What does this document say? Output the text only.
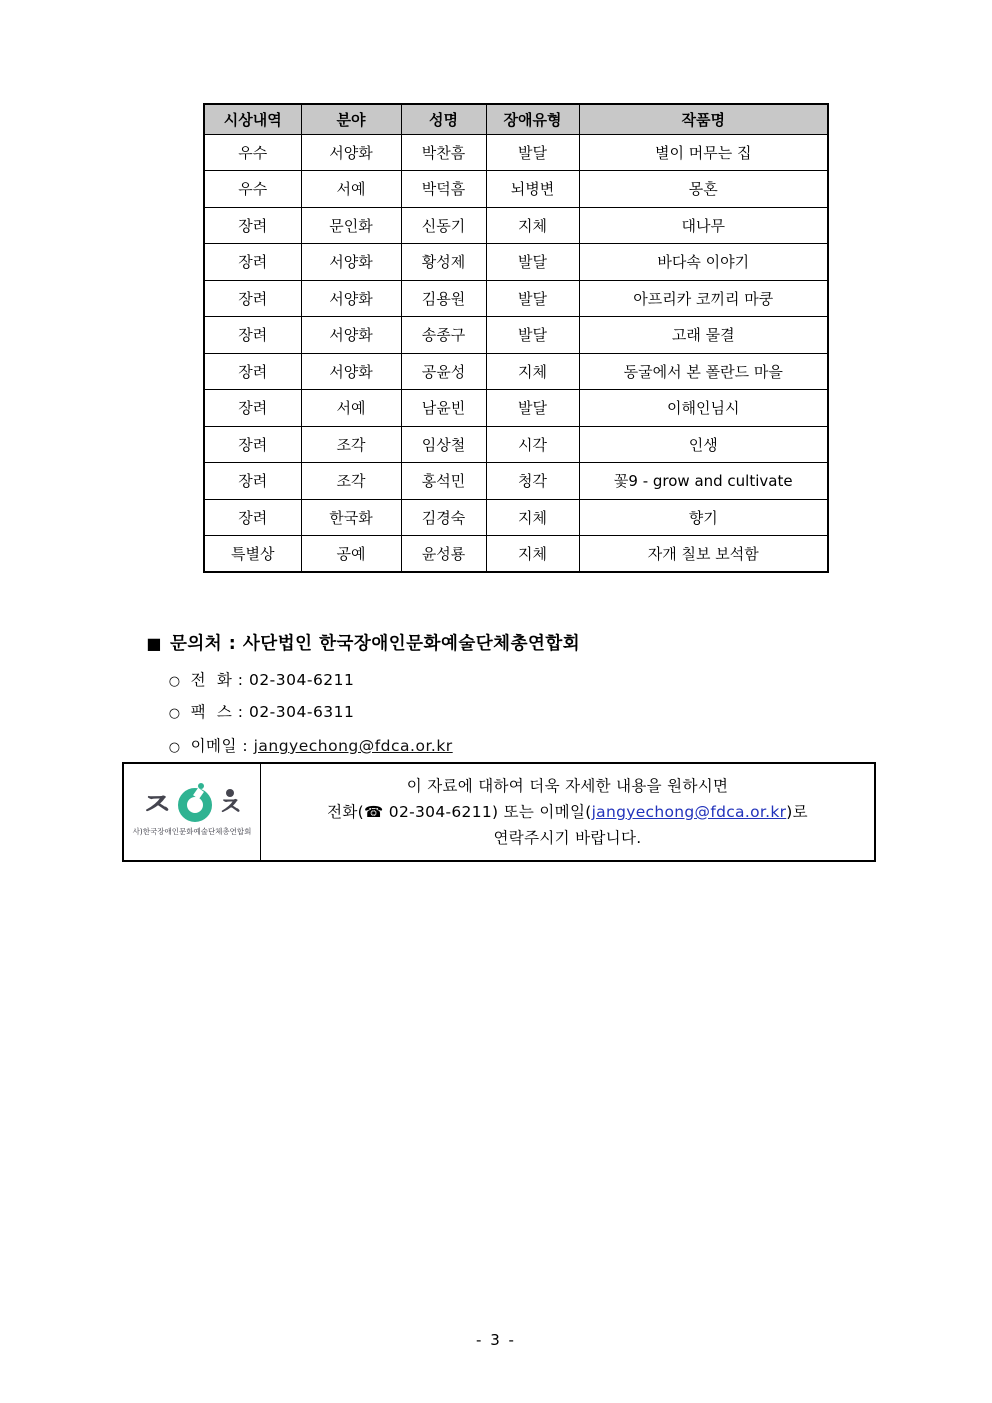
시상내역	분야	성명	장애유형	작품명
우수	서양화	박찬흠	발달	별이 머무는 집
우수	서예	박덕흠	뇌병변	몽혼
장려	문인화	신동기	지체	대나무
장려	서양화	황성제	발달	바다속 이야기
장려	서양화	김용원	발달	아프리카 코끼리 마쿵
장려	서양화	송종구	발달	고래 물결
장려	서양화	공윤성	지체	동굴에서 본 폴란드 마을
장려	서예	남윤빈	발달	이해인님시
장려	조각	임상철	시각	인생
장려	조각	홍석민	청각	꽃9 - grow and cultivate
장려	한국화	김경숙	지체	향기
특별상	공예	윤성룡	지체	자개 칠보 보석함

■ 문의처 : 사단법인 한국장애인문화예술단체총연합회

○ 전  화 : 02-304-6211

○ 팩  스 : 02-304-6311

○ 이메일 : jangyechong@fdca.or.kr

ㅈ ㅈ
사)한국장애인문화예술단체총연합회
이 자료에 대하여 더욱 자세한 내용을 원하시면
전화(☎ 02-304-6211) 또는 이메일(jangyechong@fdca.or.kr)로
연락주시기 바랍니다.
- 3 -
